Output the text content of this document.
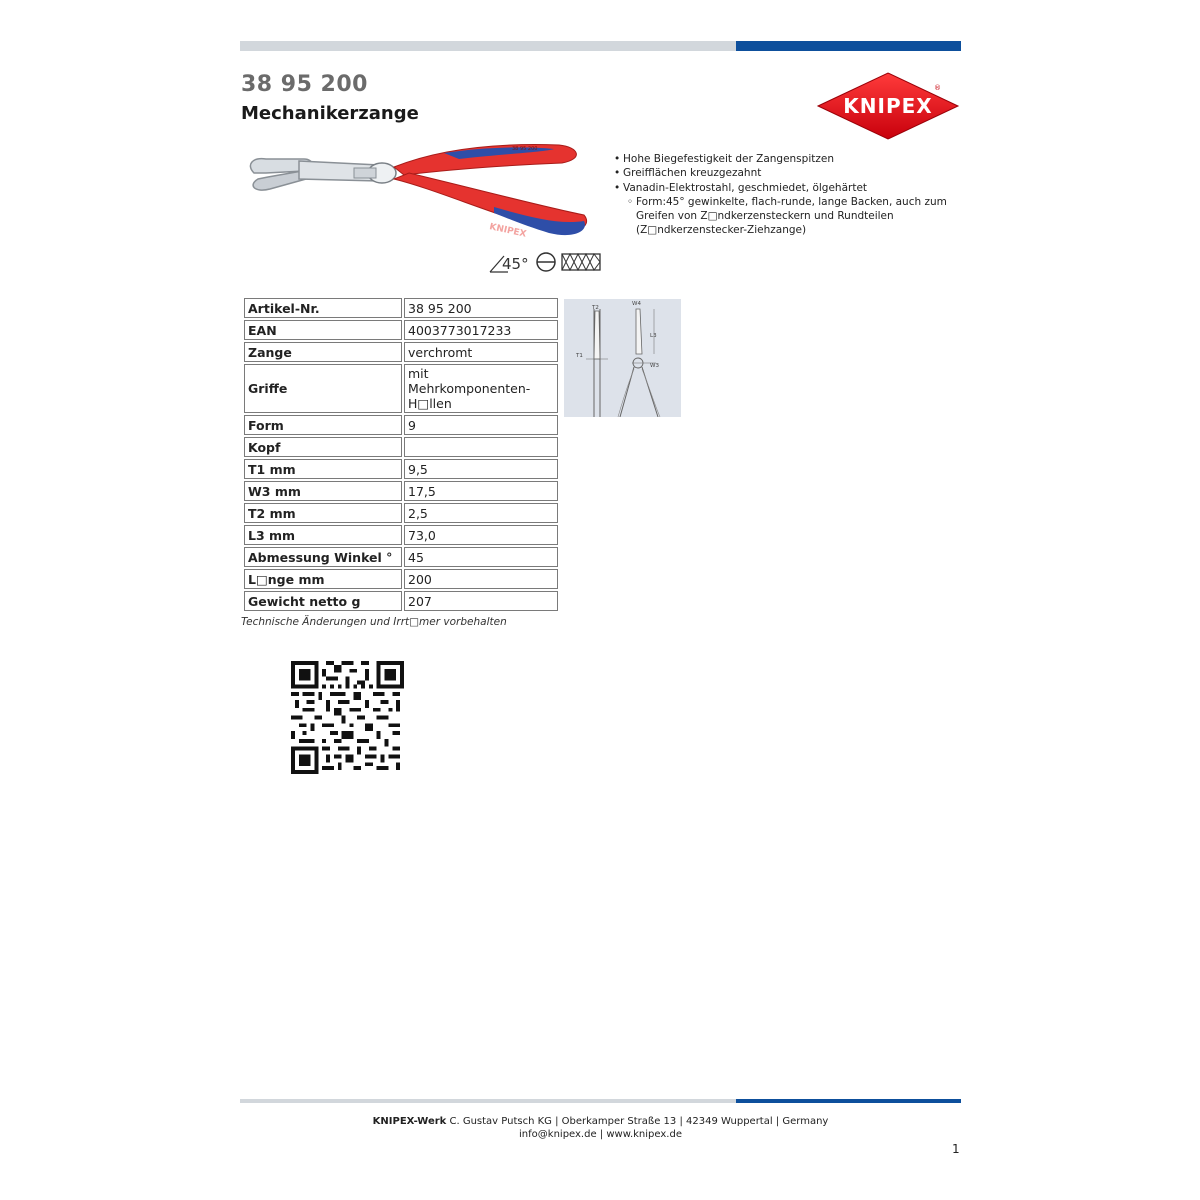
38 95 200
Mechanikerzange	KNIPEX
®
KNIPEX
38 95 200
45°
• Hohe Biegefestigkeit der Zangenspitzen
• Greifflächen kreuzgezahnt
• Vanadin-Elektrostahl, geschmiedet, ölgehärtet
◦ Form:45° gewinkelte, flach-runde, lange Backen, auch zum Greifen von Z□ndkerzensteckern und Rundteilen (Z□ndkerzenstecker-Ziehzange)
Artikel-Nr.	38 95 200
EAN	4003773017233
Zange	verchromt
Griffe	mit Mehrkomponenten-H□llen
Form	9
Kopf	
T1 mm	9,5
W3 mm	17,5
T2 mm	2,5
L3 mm	73,0
Abmessung Winkel °	45
L□nge mm	200
Gewicht netto g	207
T2
W4
L3
T1
W3
Technische Änderungen und Irrt□mer vorbehalten
KNIPEX-Werk C. Gustav Putsch KG | Oberkamper Straße 13 | 42349 Wuppertal | Germany
info@knipex.de | www.knipex.de
1
